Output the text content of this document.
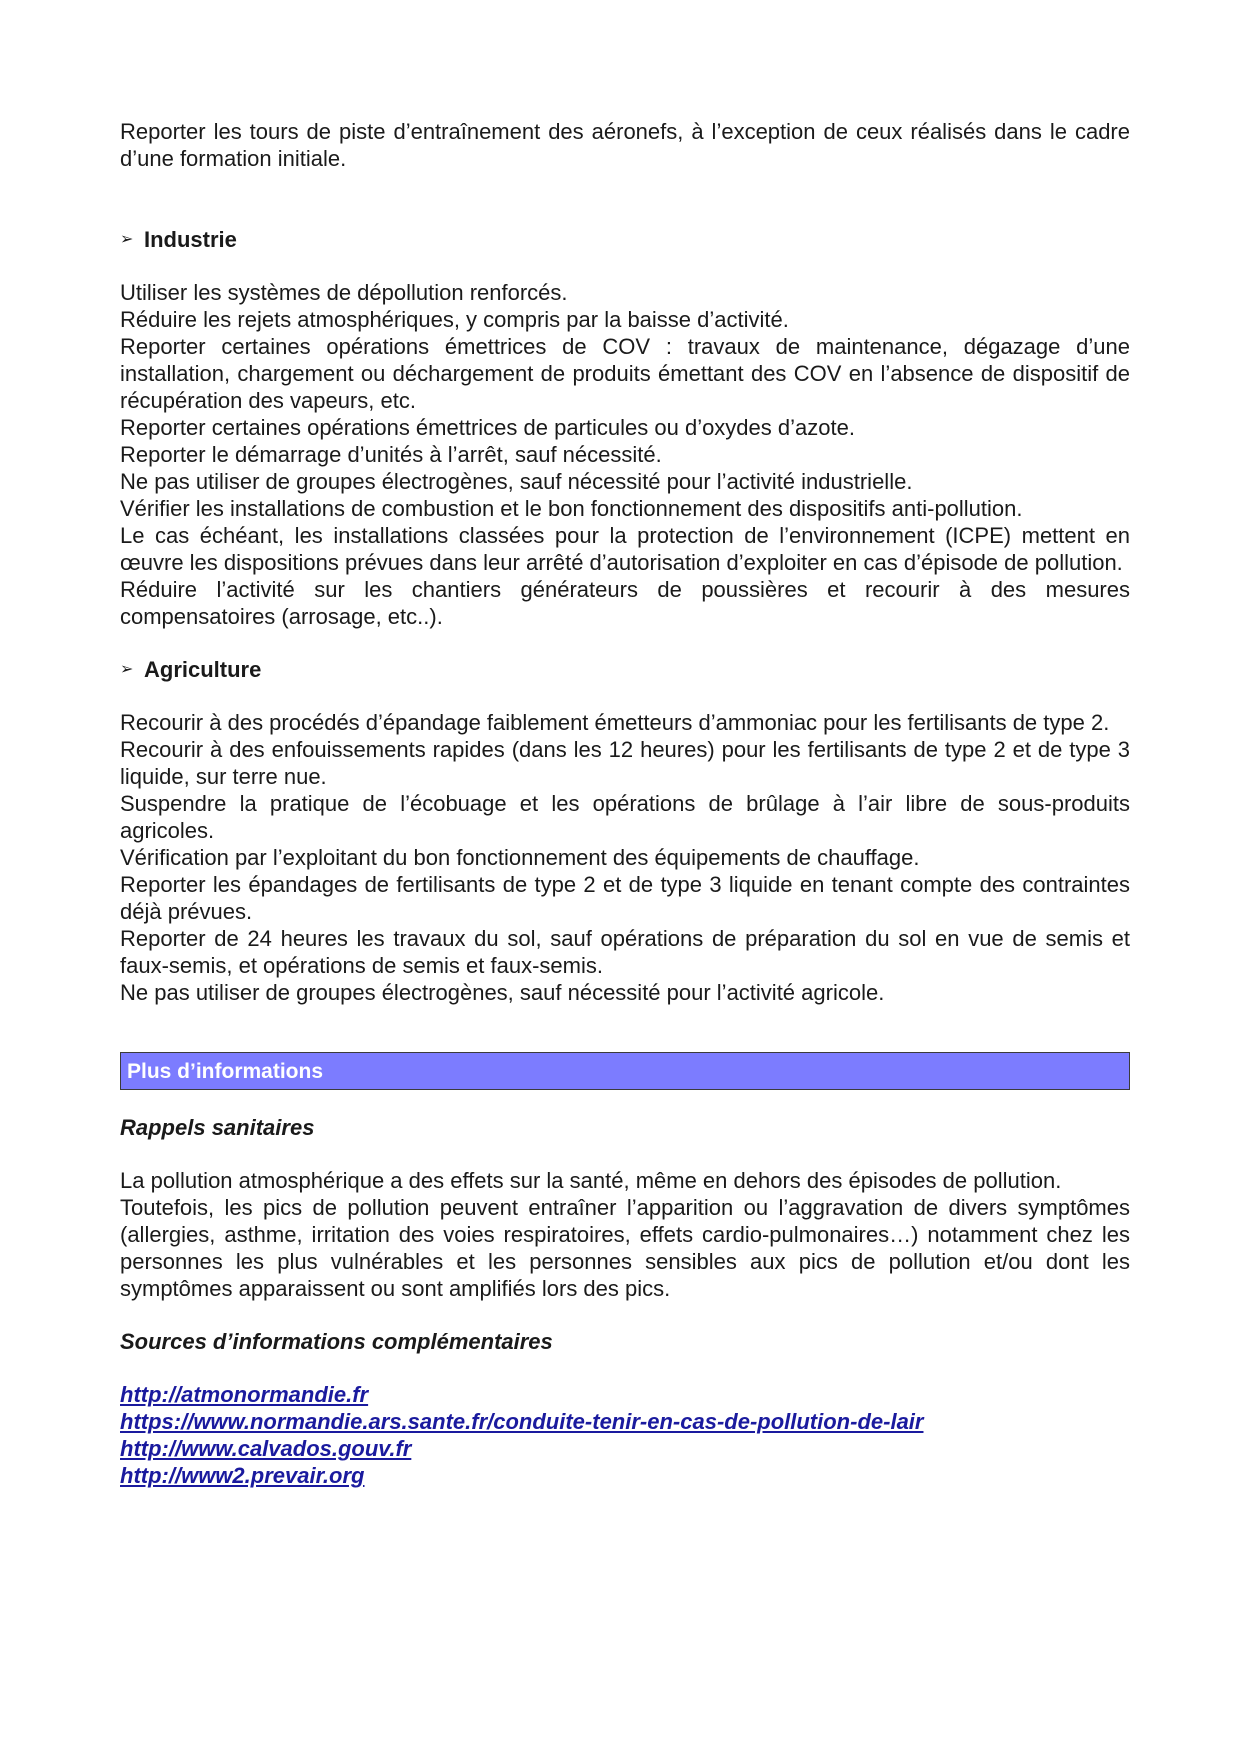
Reporter les tours de piste d’entraînement des aéronefs, à l’exception de ceux réalisés dans le cadre d’une formation initiale.

➢ Industrie

Utiliser les systèmes de dépollution renforcés.

Réduire les rejets atmosphériques, y compris par la baisse d’activité.

Reporter certaines opérations émettrices de COV : travaux de maintenance, dégazage d’une installation, chargement ou déchargement de produits émettant des COV en l’absence de dispositif de récupération des vapeurs, etc.

Reporter certaines opérations émettrices de particules ou d’oxydes d’azote.

Reporter le démarrage d’unités à l’arrêt, sauf nécessité.

Ne pas utiliser de groupes électrogènes, sauf nécessité pour l’activité industrielle.

Vérifier les installations de combustion et le bon fonctionnement des dispositifs anti-pollution.

Le cas échéant, les installations classées pour la protection de l’environnement (ICPE) mettent en œuvre les dispositions prévues dans leur arrêté d’autorisation d’exploiter en cas d’épisode de pollution.

Réduire l’activité sur les chantiers générateurs de poussières et recourir à des mesures compensatoires (arrosage, etc..).

➢ Agriculture

Recourir à des procédés d’épandage faiblement émetteurs d’ammoniac pour les fertilisants de type 2.

Recourir à des enfouissements rapides (dans les 12 heures) pour les fertilisants de type 2 et de type 3 liquide, sur terre nue.

Suspendre la pratique de l’écobuage et les opérations de brûlage à l’air libre de sous-produits agricoles.

Vérification par l’exploitant du bon fonctionnement des équipements de chauffage.

Reporter les épandages de fertilisants de type 2 et de type 3 liquide en tenant compte des contraintes déjà prévues.

Reporter de 24 heures les travaux du sol, sauf opérations de préparation du sol en vue de semis et faux-semis, et opérations de semis et faux-semis.

Ne pas utiliser de groupes électrogènes, sauf nécessité pour l’activité agricole.

Plus d’informations
Rappels sanitaires

La pollution atmosphérique a des effets sur la santé, même en dehors des épisodes de pollution.

Toutefois, les pics de pollution peuvent entraîner l’apparition ou l’aggravation de divers symptômes (allergies, asthme, irritation des voies respiratoires, effets cardio-pulmonaires…) notamment chez les personnes les plus vulnérables et les personnes sensibles aux pics de pollution et/ou dont les symptômes apparaissent ou sont amplifiés lors des pics.

Sources d’informations complémentaires
http://atmonormandie.fr
https://www.normandie.ars.sante.fr/conduite-tenir-en-cas-de-pollution-de-lair
http://www.calvados.gouv.fr
http://www2.prevair.org
